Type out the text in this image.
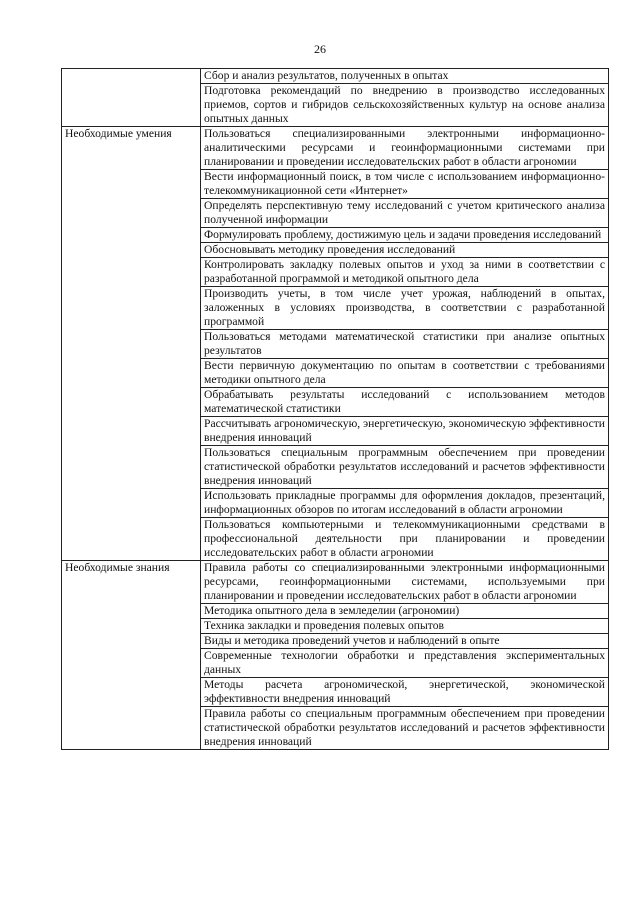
26
	Сбор и анализ результатов, полученных в опытах
	Подготовка рекомендаций по внедрению в производство исследованных приемов, сортов и гибридов сельскохозяйственных культур на основе анализа опытных данных
Необходимые умения	Пользоваться специализированными электронными информационно-аналитическими ресурсами и геоинформационными системами при планировании и проведении исследовательских работ в области агрономии
	Вести информационный поиск, в том числе с использованием информационно-телекоммуникационной сети «Интернет»
	Определять перспективную тему исследований с учетом критического анализа полученной информации
	Формулировать проблему, достижимую цель и задачи проведения исследований
	Обосновывать методику проведения исследований
	Контролировать закладку полевых опытов и уход за ними в соответствии с разработанной программой и методикой опытного дела
	Производить учеты, в том числе учет урожая, наблюдений в опытах, заложенных в условиях производства, в соответствии с разработанной программой
	Пользоваться методами математической статистики при анализе опытных результатов
	Вести первичную документацию по опытам в соответствии с требованиями методики опытного дела
	Обрабатывать результаты исследований с использованием методов математической статистики
	Рассчитывать агрономическую, энергетическую, экономическую эффективности внедрения инноваций
	Пользоваться специальным программным обеспечением при проведении статистической обработки результатов исследований и расчетов эффективности внедрения инноваций
	Использовать прикладные программы для оформления докладов, презентаций, информационных обзоров по итогам исследований в области агрономии
	Пользоваться компьютерными и телекоммуникационными средствами в профессиональной деятельности при планировании и проведении исследовательских работ в области агрономии
Необходимые знания	Правила работы со специализированными электронными информационными ресурсами, геоинформационными системами, используемыми при планировании и проведении исследовательских работ в области агрономии
	Методика опытного дела в земледелии (агрономии)
	Техника закладки и проведения полевых опытов
	Виды и методика проведений учетов и наблюдений в опыте
	Современные технологии обработки и представления экспериментальных данных
	Методы расчета агрономической, энергетической, экономической эффективности внедрения инноваций
	Правила работы со специальным программным обеспечением при проведении статистической обработки результатов исследований и расчетов эффективности внедрения инноваций
